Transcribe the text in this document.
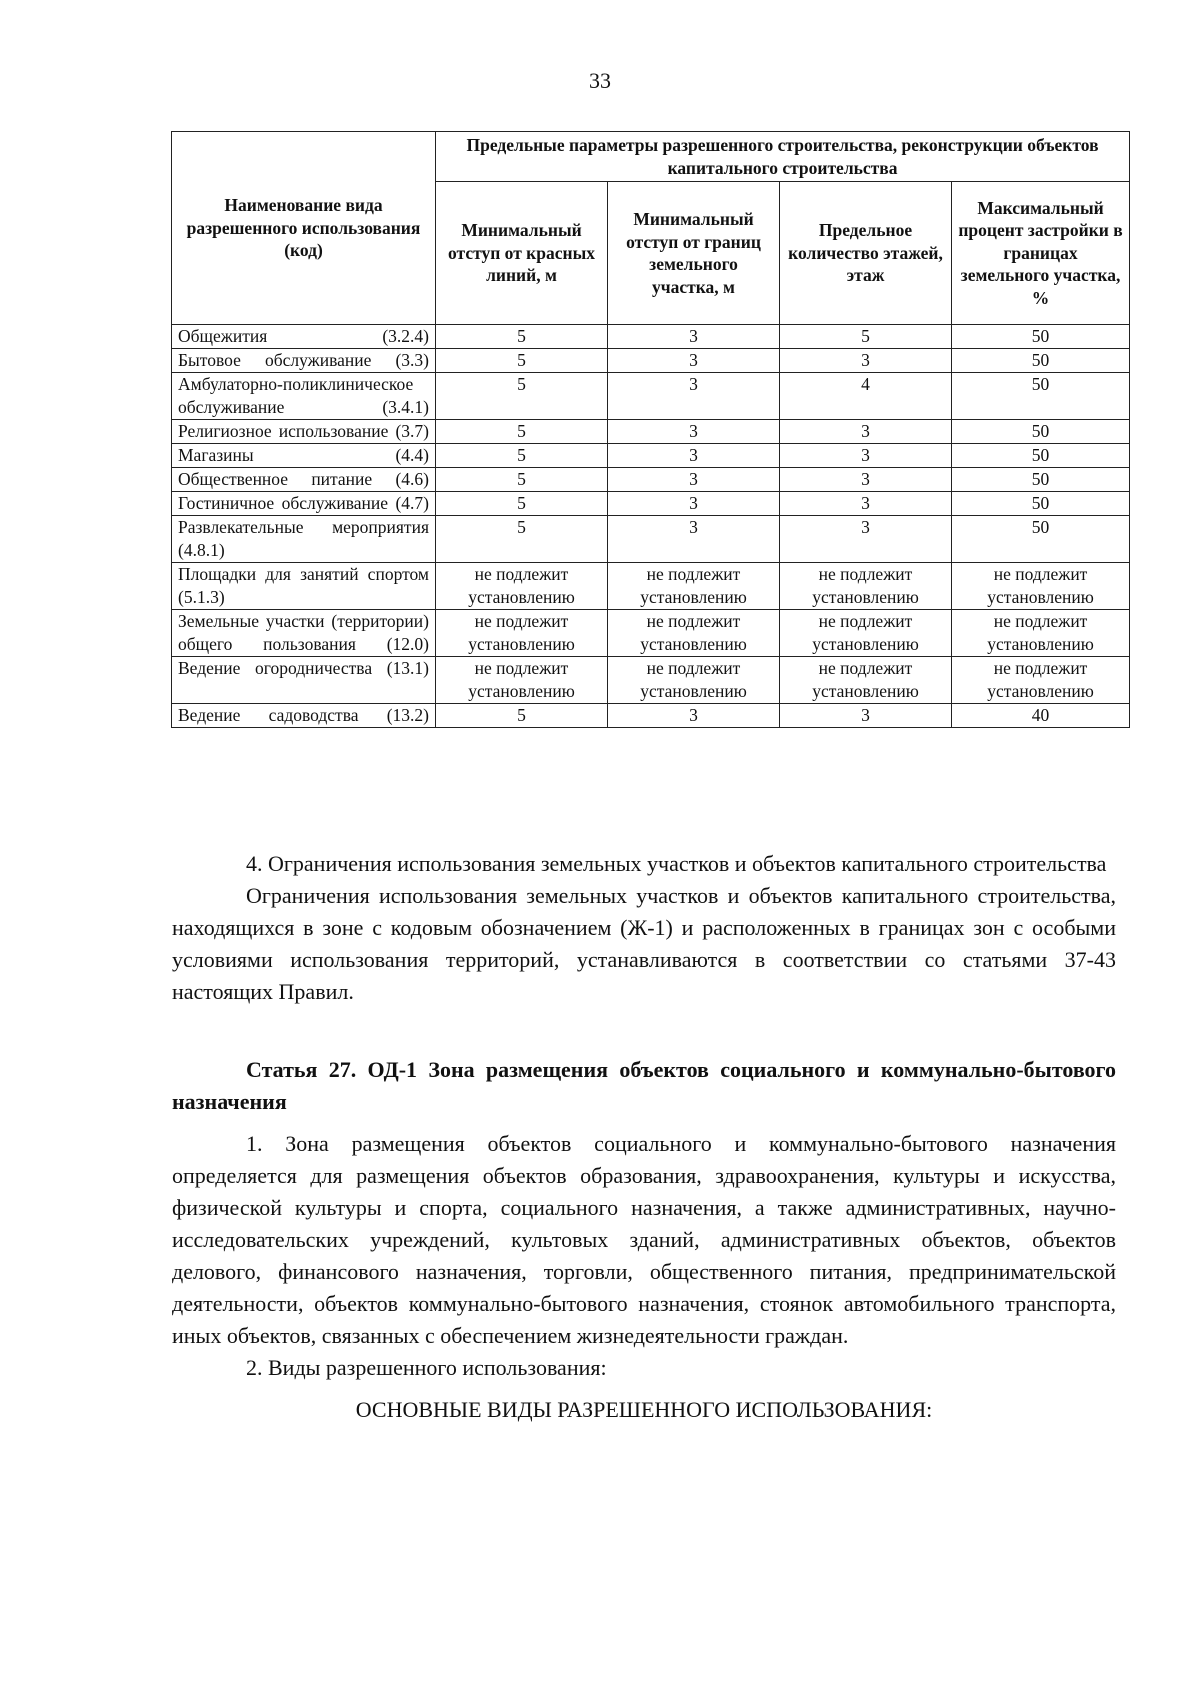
33
Наименование вида разрешенного использования (код)	Предельные параметры разрешенного строительства, реконструкции объектов капитального строительства			
	Минимальный отступ от красных линий, м	Минимальный отступ от границ земельного участка, м	Предельное количество этажей, этаж	Максимальный процент застройки в границах земельного участка, %
Общежития (3.2.4)	5	3	5	50
Бытовое обслуживание (3.3)	5	3	3	50
Амбулаторно-поликлиническое обслуживание (3.4.1)	5	3	4	50
Религиозное использование (3.7)	5	3	3	50
Магазины (4.4)	5	3	3	50
Общественное питание (4.6)	5	3	3	50
Гостиничное обслуживание (4.7)	5	3	3	50
Развлекательные мероприятия (4.8.1)	5	3	3	50
Площадки для занятий спортом (5.1.3)	не подлежит установлению	не подлежит установлению	не подлежит установлению	не подлежит установлению
Земельные участки (территории) общего пользования (12.0)	не подлежит установлению	не подлежит установлению	не подлежит установлению	не подлежит установлению
Ведение огородничества (13.1)	не подлежит установлению	не подлежит установлению	не подлежит установлению	не подлежит установлению
Ведение садоводства (13.2)	5	3	3	40

4. Ограничения использования земельных участков и объектов капитального строительства

Ограничения использования земельных участков и объектов капитального строительства, находящихся в зоне с кодовым обозначением (Ж-1) и расположенных в границах зон с особыми условиями использования территорий, устанавливаются в соответствии со статьями 37-43 настоящих Правил.

Статья 27. ОД-1 Зона размещения объектов социального и коммунально-бытового назначения

1. Зона размещения объектов социального и коммунально-бытового назначения определяется для размещения объектов образования, здравоохранения, культуры и искусства, физической культуры и спорта, социального назначения, а также административных, научно-исследовательских учреждений, культовых зданий, административных объектов, объектов делового, финансового назначения, торговли, общественного питания, предпринимательской деятельности, объектов коммунально-бытового назначения, стоянок автомобильного транспорта, иных объектов, связанных с обеспечением жизнедеятельности граждан.

2. Виды разрешенного использования:

ОСНОВНЫЕ ВИДЫ РАЗРЕШЕННОГО ИСПОЛЬЗОВАНИЯ:
